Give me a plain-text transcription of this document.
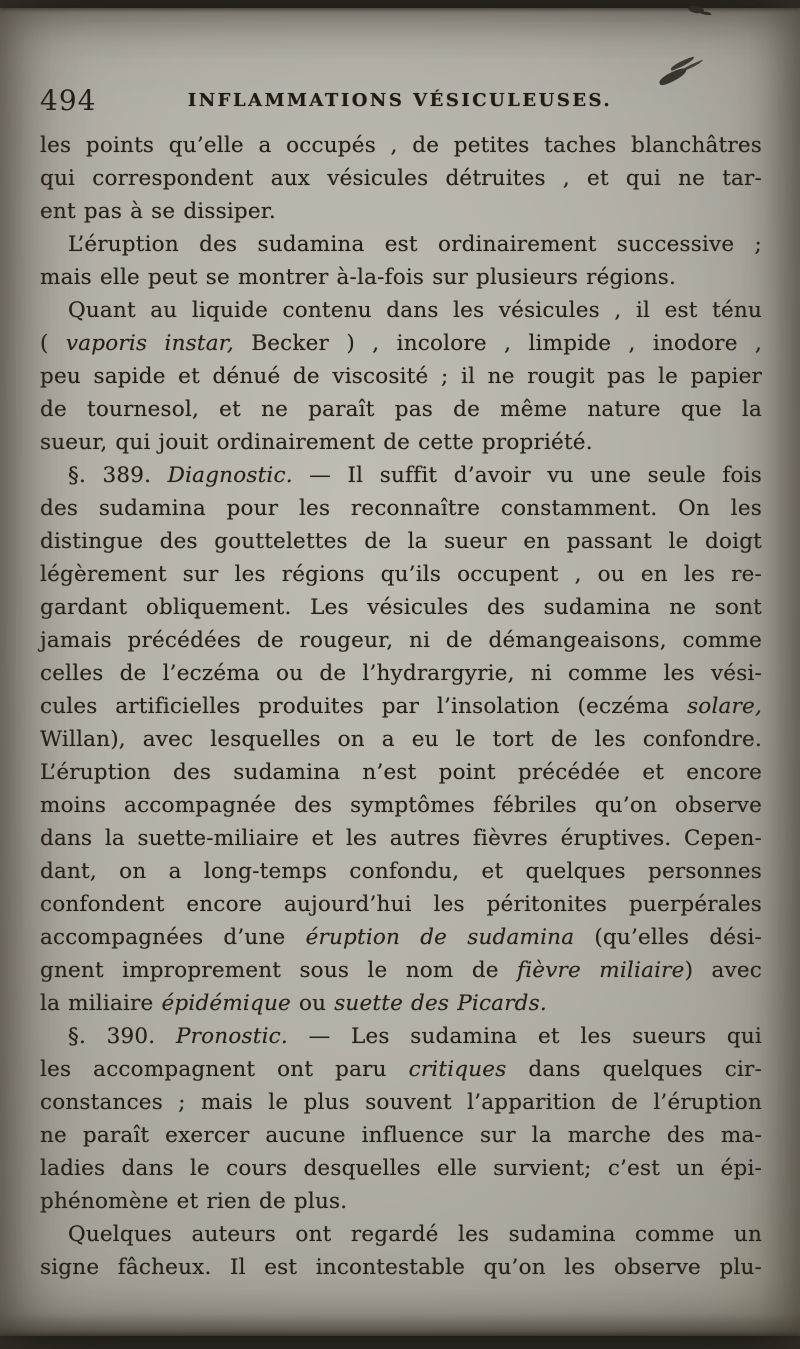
494	INFLAMMATIONS VÉSICULEUSES.
les points qu’elle a occupés , de petites taches blanchâtres
qui correspondent aux vésicules détruites , et qui ne tar-
ent pas à se dissiper.
L’éruption des sudamina est ordinairement successive ;
mais elle peut se montrer à-la-fois sur plusieurs régions.
Quant au liquide contenu dans les vésicules , il est ténu
( vaporis instar, Becker ) , incolore , limpide , inodore ,
peu sapide et dénué de viscosité ; il ne rougit pas le papier
de tournesol, et ne paraît pas de même nature que la
sueur, qui jouit ordinairement de cette propriété.
§. 389. Diagnostic. — Il suffit d’avoir vu une seule fois
des sudamina pour les reconnaître constamment. On les
distingue des gouttelettes de la sueur en passant le doigt
légèrement sur les régions qu’ils occupent , ou en les re-
gardant obliquement. Les vésicules des sudamina ne sont
jamais précédées de rougeur, ni de démangeaisons, comme
celles de l’eczéma ou de l’hydrargyrie, ni comme les vési-
cules artificielles produites par l’insolation (eczéma solare,
Willan), avec lesquelles on a eu le tort de les confondre.
L’éruption des sudamina n’est point précédée et encore
moins accompagnée des symptômes fébriles qu’on observe
dans la suette-miliaire et les autres fièvres éruptives. Cepen-
dant, on a long-temps confondu, et quelques personnes
confondent encore aujourd’hui les péritonites puerpérales
accompagnées d’une éruption de sudamina (qu’elles dési-
gnent improprement sous le nom de fièvre miliaire) avec
la miliaire épidémique ou suette des Picards.
§. 390. Pronostic. — Les sudamina et les sueurs qui
les accompagnent ont paru critiques dans quelques cir-
constances ; mais le plus souvent l’apparition de l’éruption
ne paraît exercer aucune influence sur la marche des ma-
ladies dans le cours desquelles elle survient; c’est un épi-
phénomène et rien de plus.
Quelques auteurs ont regardé les sudamina comme un
signe fâcheux. Il est incontestable qu’on les observe plu-
